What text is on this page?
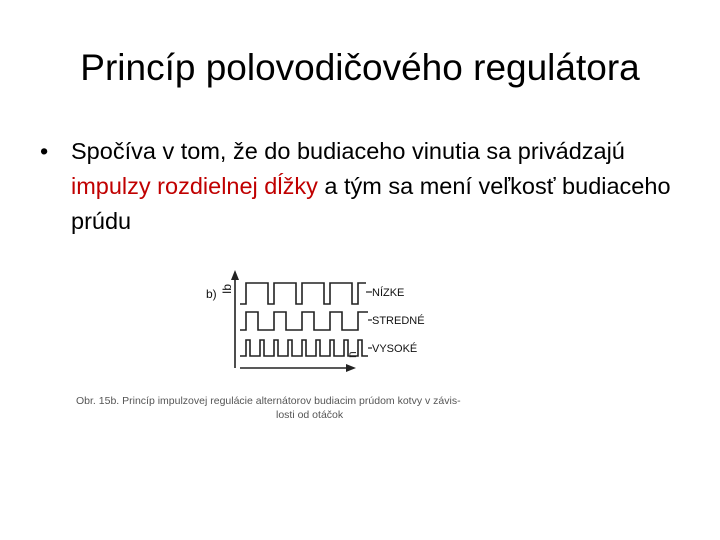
Princíp polovodičového regulátora
• Spočíva v tom, že do budiaceho vinutia sa privádzajú impulzy rozdielnej dĺžky a tým sa mení veľkosť budiaceho prúdu
b) Ib
n
NÍZKE
STREDNÉ
VYSOKÉ
Obr. 15b. Princíp impulzovej regulácie alternátorov budiacim prúdom kotvy v závis-
losti od otáčok
